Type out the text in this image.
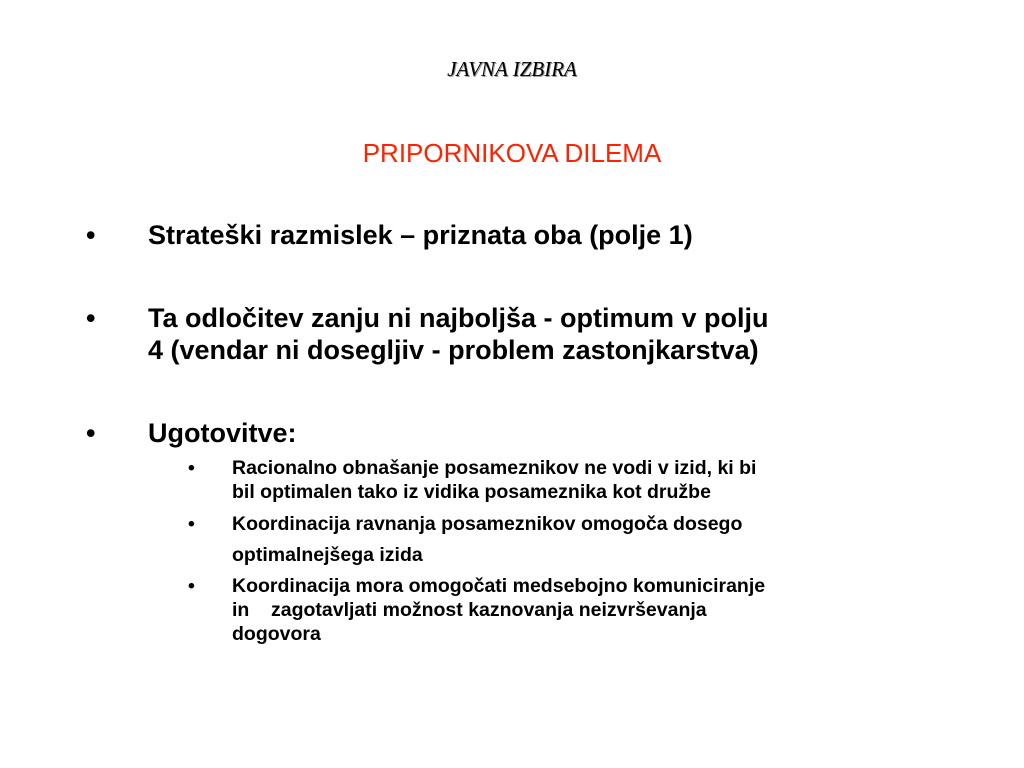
JAVNA IZBIRA
PRIPORNIKOVA DILEMA
•	Strateški razmislek – priznata oba (polje 1)
•	Ta odločitev zanju ni najboljša - optimum v polju
4 (vendar ni dosegljiv - problem zastonjkarstva)
•	Ugotovitve:
• Racionalno obnašanje posameznikov ne vodi v izid, ki bi
bil optimalen tako iz vidika posameznika kot družbe
• Koordinacija ravnanja posameznikov omogoča dosego
optimalnejšega izida
• Koordinacija mora omogočati medsebojno komuniciranje
in    zagotavljati možnost kaznovanja neizvrševanja
dogovora
